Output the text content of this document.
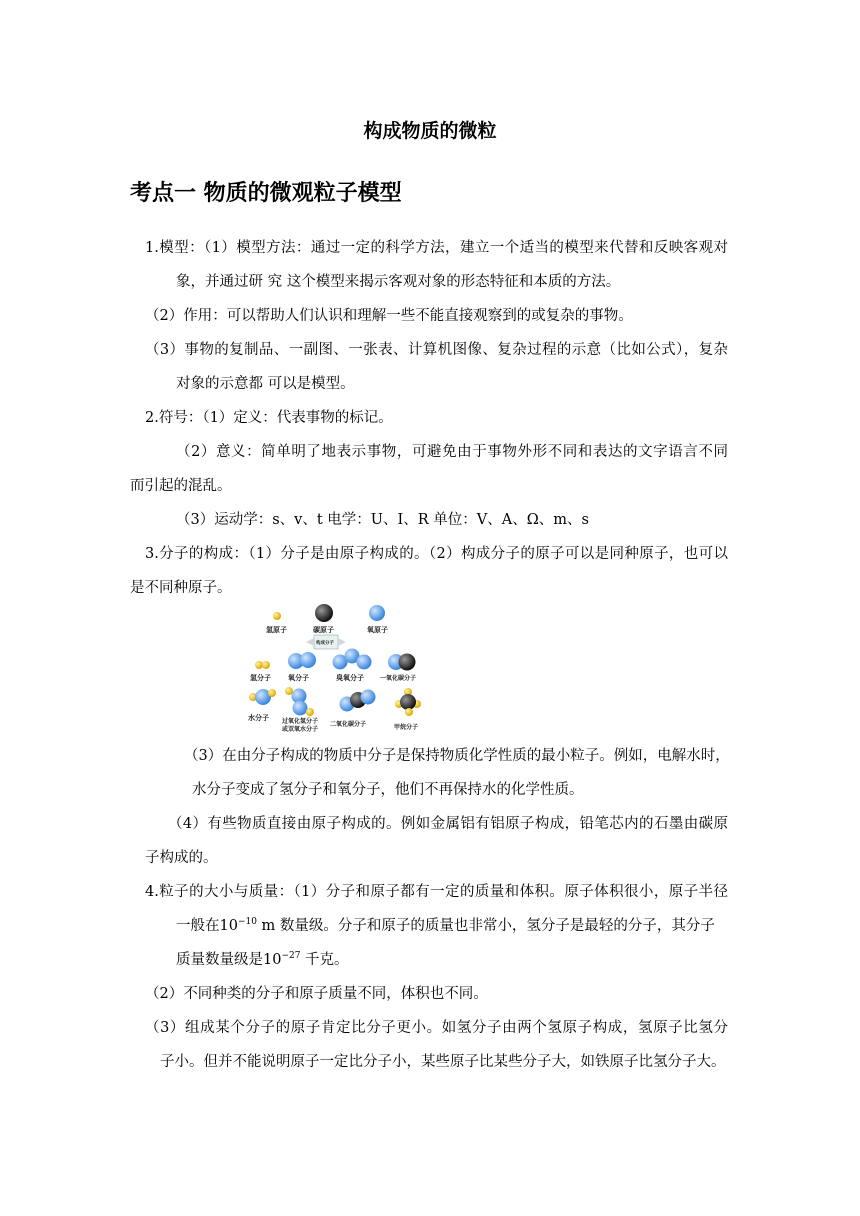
构成物质的微粒
考点一 物质的微观粒子模型
1.模型：（1）模型方法：通过一定的科学方法，建立一个适当的模型来代替和反映客观对
象，并通过研 究 这个模型来揭示客观对象的形态特征和本质的方法。
（2）作用：可以帮助人们认识和理解一些不能直接观察到的或复杂的事物。
（3）事物的复制品、一副图、一张表、计算机图像、复杂过程的示意（比如公式），复杂
对象的示意都 可以是模型。
2.符号：（1）定义：代表事物的标记。
（2）意义：简单明了地表示事物，可避免由于事物外形不同和表达的文字语言不同
而引起的混乱。
（3）运动学：s、v、t 电学：U、I、R 单位：V、A、Ω、m、s
3.分子的构成：（1）分子是由原子构成的。（2）构成分子的原子可以是同种原子，也可以
是不同种原子。
氢原子	碳原子	氧原子
构成分子
氢分子 氧分子	臭氧分子	一氧化碳分子
水分子 过氧化氢分子
或双氧水分子
二氧化碳分子	甲烷分子
（3）在由分子构成的物质中分子是保持物质化学性质的最小粒子。例如，电解水时，
水分子变成了氢分子和氧分子，他们不再保持水的化学性质。
（4）有些物质直接由原子构成的。例如金属铝有铝原子构成，铅笔芯内的石墨由碳原
子构成的。
4.粒子的大小与质量：（1）分子和原子都有一定的质量和体积。原子体积很小，原子半径
一般在$10^{-10}$ m 数量级。分子和原子的质量也非常小，氢分子是最轻的分子，其分子
质量数量级是$10^{-27}$ 千克。
（2）不同种类的分子和原子质量不同，体积也不同。
（3）组成某个分子的原子肯定比分子更小。如氢分子由两个氢原子构成，氢原子比氢分
子小。但并不能说明原子一定比分子小，某些原子比某些分子大，如铁原子比氢分子大。
